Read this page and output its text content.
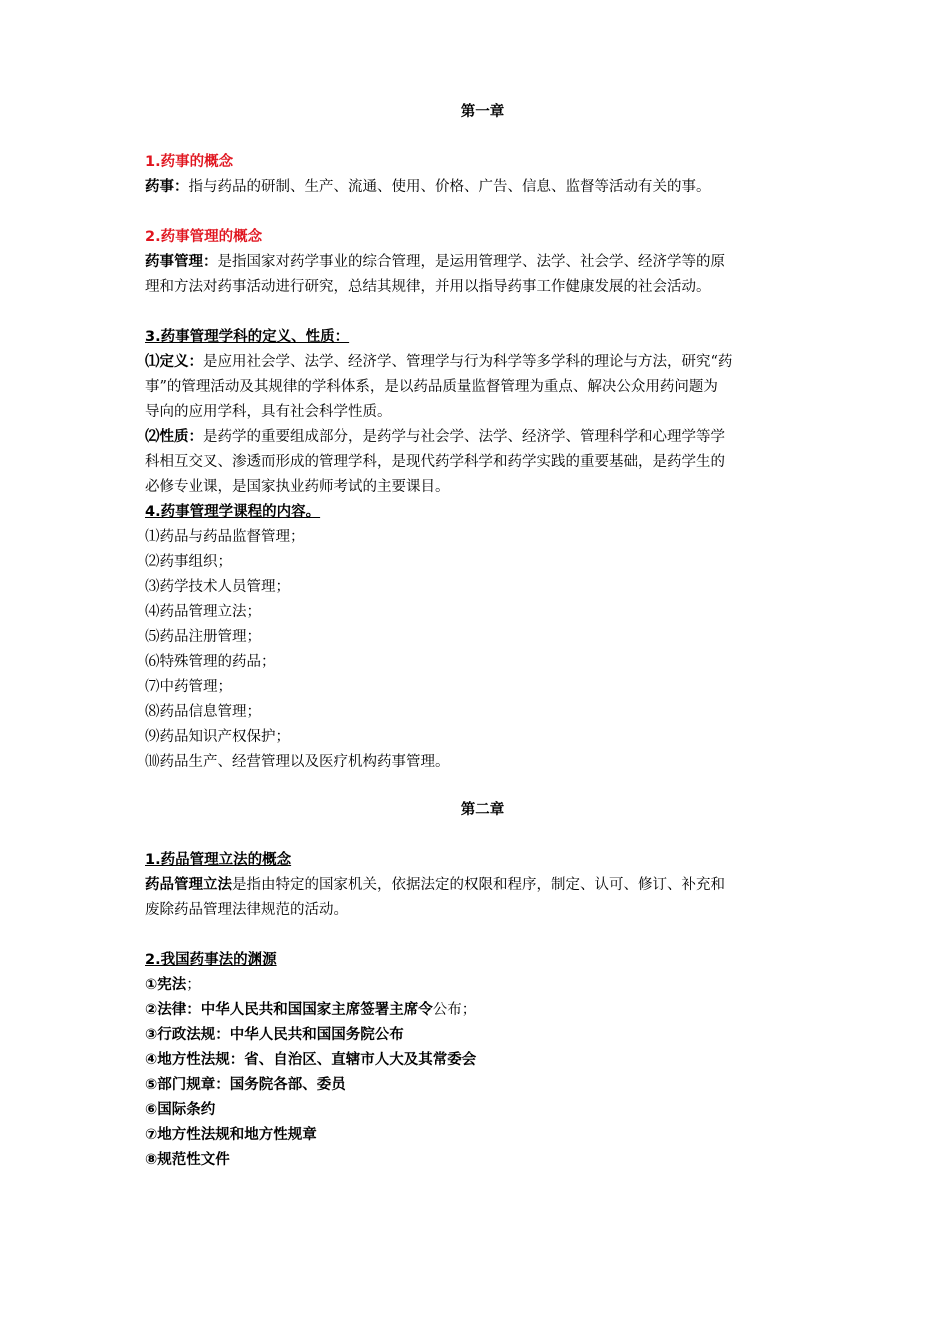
第一章
1.药事的概念
药事：指与药品的研制、生产、流通、使用、价格、广告、信息、监督等活动有关的事。
2.药事管理的概念
药事管理：是指国家对药学事业的综合管理，是运用管理学、法学、社会学、经济学等的原
理和方法对药事活动进行研究，总结其规律，并用以指导药事工作健康发展的社会活动。
3.药事管理学科的定义、性质：
⑴定义：是应用社会学、法学、经济学、管理学与行为科学等多学科的理论与方法，研究“药
事”的管理活动及其规律的学科体系，是以药品质量监督管理为重点、解决公众用药问题为
导向的应用学科，具有社会科学性质。
⑵性质：是药学的重要组成部分，是药学与社会学、法学、经济学、管理科学和心理学等学
科相互交叉、渗透而形成的管理学科，是现代药学科学和药学实践的重要基础，是药学生的
必修专业课，是国家执业药师考试的主要课目。
4.药事管理学课程的内容。
⑴药品与药品监督管理；
⑵药事组织；
⑶药学技术人员管理；
⑷药品管理立法；
⑸药品注册管理；
⑹特殊管理的药品；
⑺中药管理；
⑻药品信息管理；
⑼药品知识产权保护；
⑽药品生产、经营管理以及医疗机构药事管理。
第二章
1.药品管理立法的概念
药品管理立法是指由特定的国家机关，依据法定的权限和程序，制定、认可、修订、补充和
废除药品管理法律规范的活动。
2.我国药事法的渊源
①宪法；
②法律：中华人民共和国国家主席签署主席令公布；
③行政法规：中华人民共和国国务院公布
④地方性法规：省、自治区、直辖市人大及其常委会
⑤部门规章：国务院各部、委员
⑥国际条约
⑦地方性法规和地方性规章
⑧规范性文件
